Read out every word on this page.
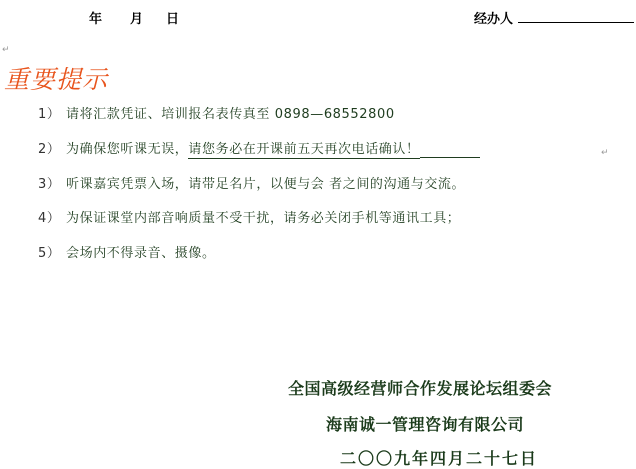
年 月 日	经办人
↵
重要提示
1） 请将汇款凭证、培训报名表传真至 0898—68552800
2） 为确保您听课无误，请您务必在开课前五天再次电话确认！
3） 听课嘉宾凭票入场，请带足名片，以便与会 者之间的沟通与交流。
4） 为保证课堂内部音响质量不受干扰，请务必关闭手机等通讯工具；
5） 会场内不得录音、摄像。
↵
全国高级经营师合作发展论坛组委会
海南诚一管理咨询有限公司
二〇〇九年四月二十七日
